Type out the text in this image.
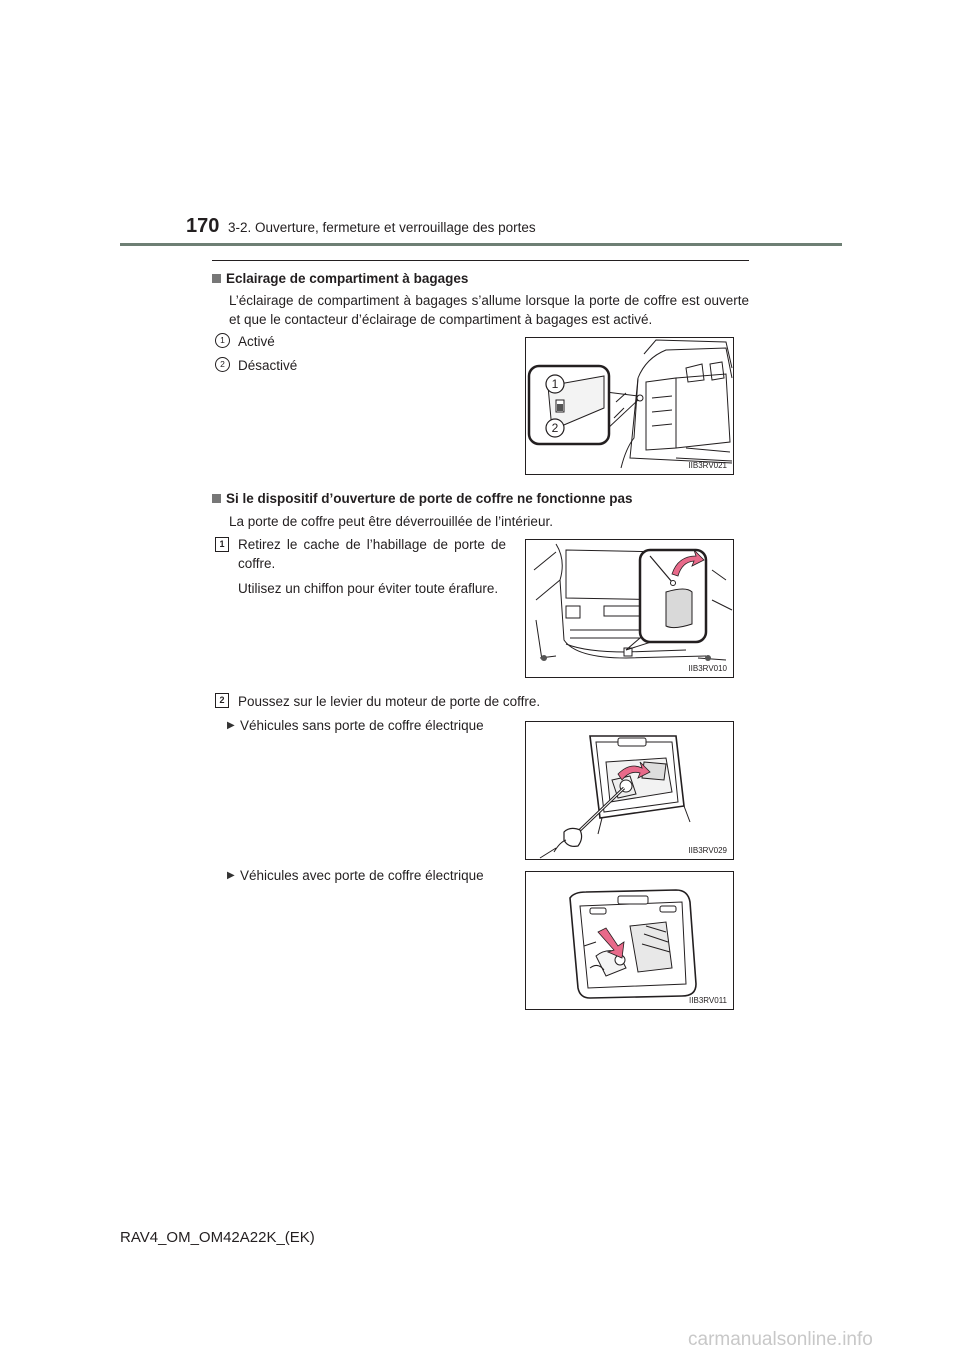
170 3-2. Ouverture, fermeture et verrouillage des portes
Eclairage de compartiment à bagages
L’éclairage de compartiment à bagages s’allume lorsque la porte de coffre est ouverte
et que le contacteur d’éclairage de compartiment à bagages est activé.
1 Activé
2 Désactivé
1
2
IIB3RV021
Si le dispositif d’ouverture de porte de coffre ne fonctionne pas
La porte de coffre peut être déverrouillée de l’intérieur.
1	Retirez le cache de l’habillage de porte de
coffre.
Utilisez un chiffon pour éviter toute éraflure.
IIB3RV010
2	Poussez sur le levier du moteur de porte de coffre.
▶ Véhicules sans porte de coffre électrique
IIB3RV029
▶ Véhicules avec porte de coffre électrique
IIB3RV011
RAV4_OM_OM42A22K_(EK)
carmanualsonline.info
